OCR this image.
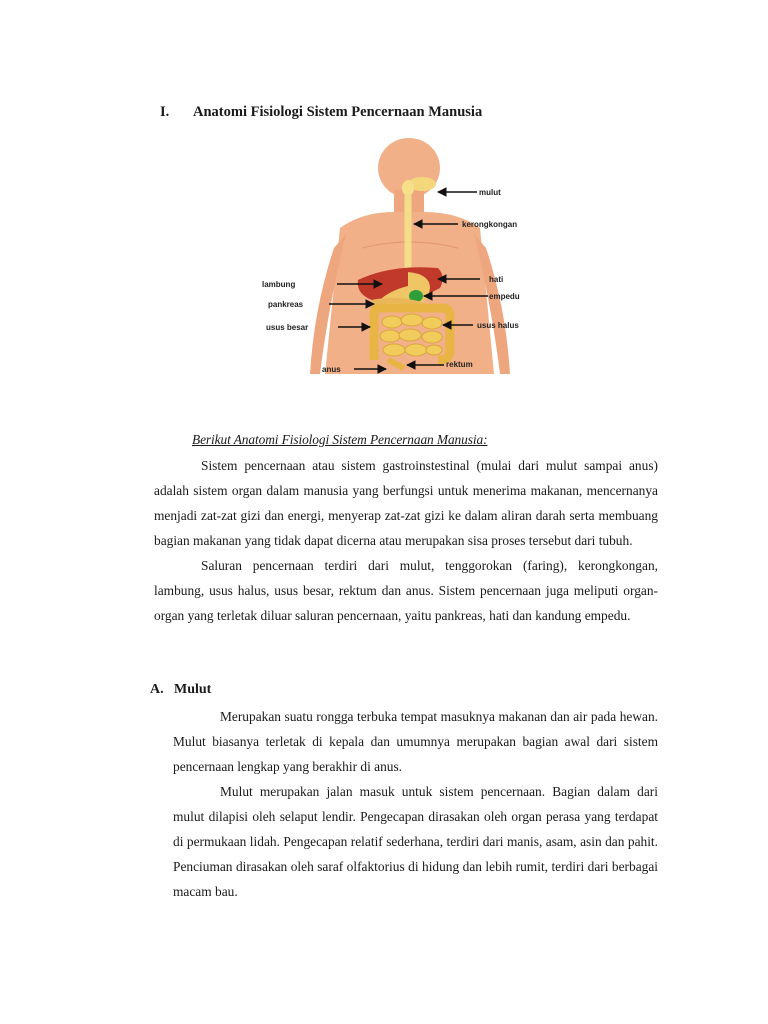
I. Anatomi Fisiologi Sistem Pencernaan Manusia
mulut
kerongkongan
lambung
hati
pankreas
empedu
usus besar	usus halus
rektum
anus
Berikut Anatomi Fisiologi Sistem Pencernaan Manusia:

Sistem pencernaan atau sistem gastroinstestinal (mulai dari mulut sampai anus) adalah sistem organ dalam manusia yang berfungsi untuk menerima makanan, mencernanya menjadi zat-zat gizi dan energi, menyerap zat-zat gizi ke dalam aliran darah serta membuang bagian makanan yang tidak dapat dicerna atau merupakan sisa proses tersebut dari tubuh.

Saluran pencernaan terdiri dari mulut, tenggorokan (faring), kerongkongan, lambung, usus halus, usus besar, rektum dan anus. Sistem pencernaan juga meliputi organ-organ yang terletak diluar saluran pencernaan, yaitu pankreas, hati dan kandung empedu.

A. Mulut

Merupakan suatu rongga terbuka tempat masuknya makanan dan air pada hewan. Mulut biasanya terletak di kepala dan umumnya merupakan bagian awal dari sistem pencernaan lengkap yang berakhir di anus.

Mulut merupakan jalan masuk untuk sistem pencernaan. Bagian dalam dari mulut dilapisi oleh selaput lendir. Pengecapan dirasakan oleh organ perasa yang terdapat di permukaan lidah. Pengecapan relatif sederhana, terdiri dari manis, asam, asin dan pahit. Penciuman dirasakan oleh saraf olfaktorius di hidung dan lebih rumit, terdiri dari berbagai macam bau.
